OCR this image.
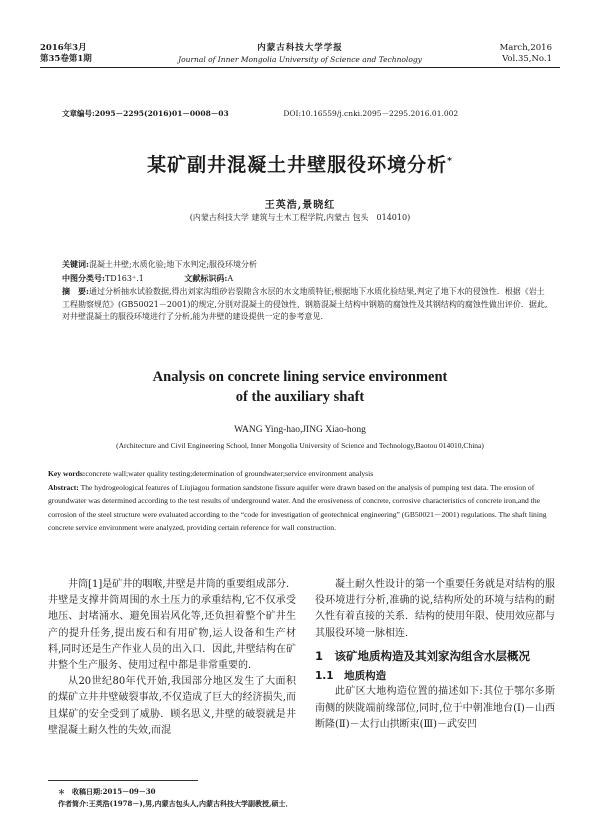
2016年3月
第35卷第1期
内蒙古科技大学学报
Journal of Inner Mongolia University of Science and Technology
March,2016
Vol.35,No.1
文章编号:2095－2295(2016)01－0008－03	DOI:10.16559/j.cnki.2095－2295.2016.01.002
某矿副井混凝土井壁服役环境分析*
王英浩,景晓红
(内蒙古科技大学 建筑与土木工程学院,内蒙古 包头　014010)
关键词:混凝土井壁;水质化验;地下水判定;服役环境分析
中图分类号:TD163⁺.1	文献标识码:A
摘　要:通过分析抽水试验数据,得出刘家沟组砂岩裂隙含水层的水文地质特征;根据地下水质化验结果,判定了地下水的侵蚀性．根据《岩土工程勘察规范》(GB50021－2001)的规定,分别对混凝土的侵蚀性、钢筋混凝土结构中钢筋的腐蚀性及其钢结构的腐蚀性做出评价．据此,对井壁混凝土的服役环境进行了分析,能为井壁的建设提供一定的参考意见．
Analysis on concrete lining service environment
of the auxiliary shaft
WANG Ying-hao,JING Xiao-hong
(Architecture and Civil Engineering School, Inner Mongolia University of Science and Technology,Baotou 014010,China)
Key words:concrete wall;water quality testing;determination of groundwater;service environment analysis
Abstract: The hydrogeological features of Liujiagou formation sandstone fissure aquifer were drawn based on the analysis of pumping test data. The erosion of groundwater was determined according to the test results of underground water. And the erosiveness of concrete, corrosive characteristics of concrete iron,and the corrosion of the steel structure were evaluated according to the “code for investigation of geotechnical engineering” (GB50021－2001) regulations. The shaft lining concrete service environment were analyzed, providing certain reference for wall construction.

井筒[1]是矿井的咽喉,井壁是井筒的重要组成部分．井壁是支撑井筒周围的水土压力的承重结构,它不仅承受地压、封堵涌水、避免围岩风化等,还负担着整个矿井生产的提升任务,提出废石和有用矿物,运人设备和生产材料,同时还是生产作业人员的出入口．因此,井壁结构在矿井整个生产服务、使用过程中都是非常重要的．

从20世纪80年代开始,我国部分地区发生了大面积的煤矿立井井壁破裂事故,不仅造成了巨大的经济损失,而且煤矿的安全受到了威胁．顾名思义,井壁的破裂就是井壁混凝土耐久性的失效,而混

凝土耐久性设计的第一个重要任务就是对结构的服役环境进行分析,准确的说,结构所处的环境与结构的耐久性有着直接的关系．结构的使用年限、使用效应都与其服役环境一脉相连．

1　该矿地质构造及其刘家沟组含水层概况
1.1　地质构造

此矿区大地构造位置的描述如下:其位于鄂尔多斯南侧的陕陇端前缘部位,同时,位于中朝准地台(I)－山西断隆(Ⅱ)－太行山拱断束(Ⅲ)－武安凹

＊　收稿日期:2015－09－30
作者简介:王英浩(1978－),男,内蒙古包头人,内蒙古科技大学副教授,硕士．
